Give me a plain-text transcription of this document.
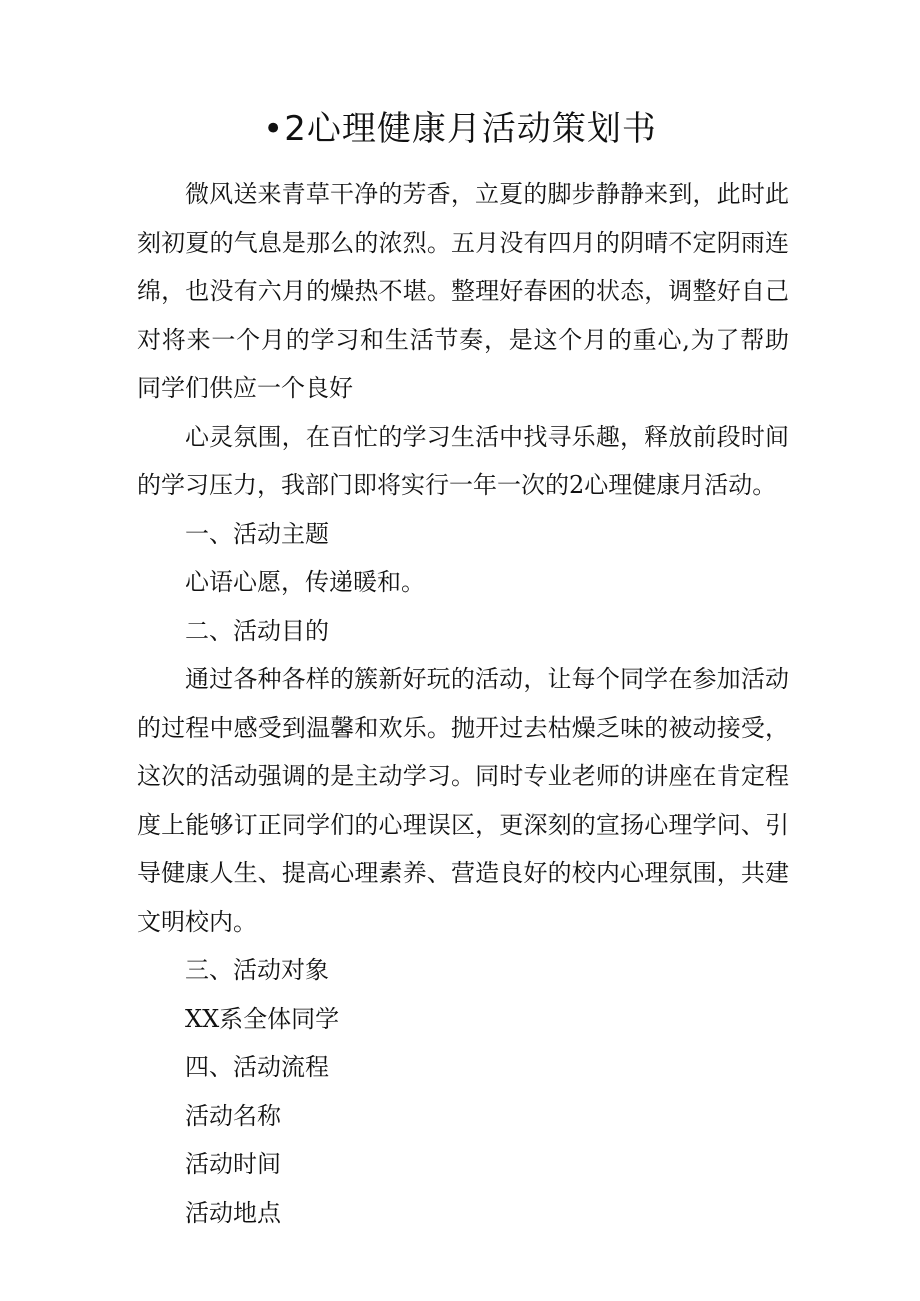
•2心理健康月活动策划书

微风送来青草干净的芳香，立夏的脚步静静来到，此时此刻初夏的气息是那么的浓烈。五月没有四月的阴晴不定阴雨连绵，也没有六月的燥热不堪。整理好春困的状态，调整好自己对将来一个月的学习和生活节奏，是这个月的重心,为了帮助同学们供应一个良好

心灵氛围，在百忙的学习生活中找寻乐趣，释放前段时间的学习压力，我部门即将实行一年一次的2心理健康月活动。

一、活动主题

心语心愿，传递暖和。

二、活动目的

通过各种各样的簇新好玩的活动，让每个同学在参加活动的过程中感受到温馨和欢乐。抛开过去枯燥乏味的被动接受，这次的活动强调的是主动学习。同时专业老师的讲座在肯定程度上能够订正同学们的心理误区，更深刻的宣扬心理学问、引导健康人生、提高心理素养、营造良好的校内心理氛围，共建文明校内。

三、活动对象

XX系全体同学

四、活动流程

活动名称

活动时间

活动地点
